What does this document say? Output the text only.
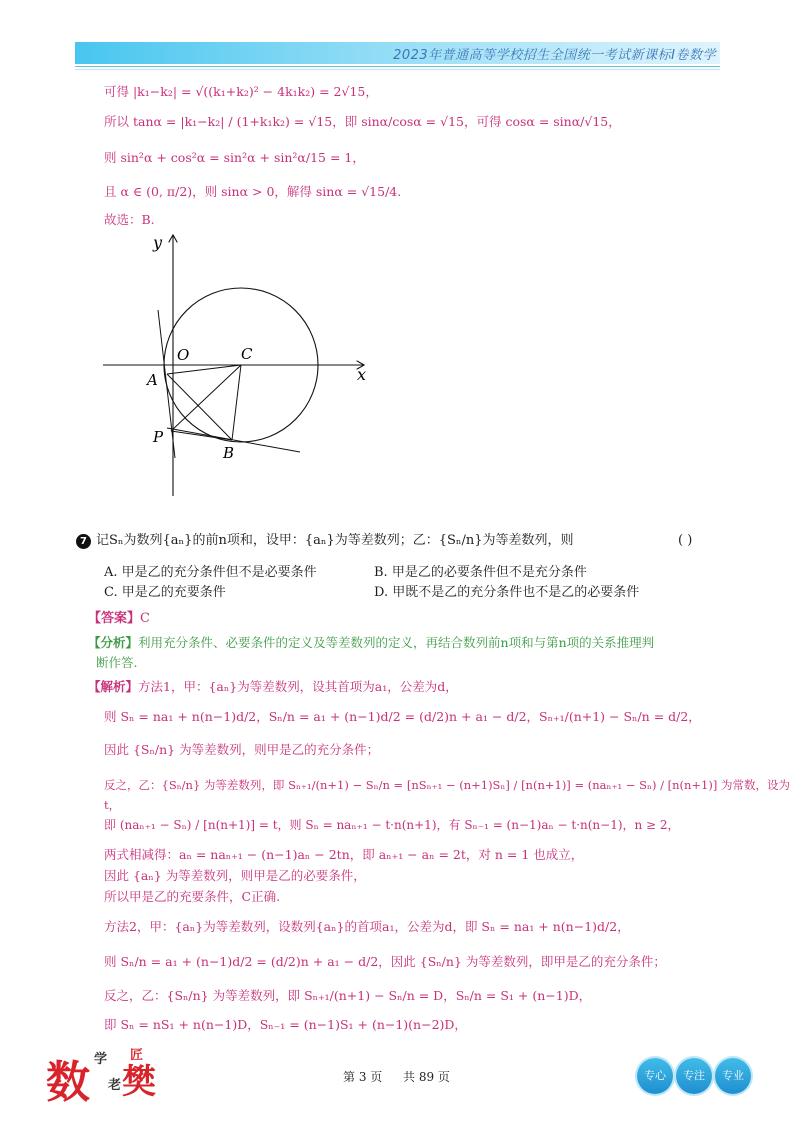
2023年普通高等学校招生全国统一考试新课标Ⅰ卷数学
可得 |k₁−k₂| = √((k₁+k₂)² − 4k₁k₂) = 2√15，
所以 tanα = |k₁−k₂| / (1+k₁k₂) = √15，即 sinα/cosα = √15，可得 cosα = sinα/√15，
则 sin²α + cos²α = sin²α + sin²α/15 = 1，
且 α ∈ (0, π/2)，则 sinα > 0，解得 sinα = √15/4.
故选：B.
y
x
O	C
A
P
B
7 记Sₙ为数列{aₙ}的前n项和，设甲：{aₙ}为等差数列；乙：{Sₙ/n}为等差数列，则	( )
A. 甲是乙的充分条件但不是必要条件	B. 甲是乙的必要条件但不是充分条件
C. 甲是乙的充要条件	D. 甲既不是乙的充分条件也不是乙的必要条件
【答案】C
【分析】利用充分条件、必要条件的定义及等差数列的定义，再结合数列前n项和与第n项的关系推理判
断作答.
【解析】方法1，甲：{aₙ}为等差数列，设其首项为a₁，公差为d，
则 Sₙ = na₁ + n(n−1)d/2，Sₙ/n = a₁ + (n−1)d/2 = (d/2)n + a₁ − d/2，Sₙ₊₁/(n+1) − Sₙ/n = d/2，
因此 {Sₙ/n} 为等差数列，则甲是乙的充分条件；
反之，乙：{Sₙ/n} 为等差数列，即 Sₙ₊₁/(n+1) − Sₙ/n = [nSₙ₊₁ − (n+1)Sₙ] / [n(n+1)] = (naₙ₊₁ − Sₙ) / [n(n+1)] 为常数，设为t，
即 (naₙ₊₁ − Sₙ) / [n(n+1)] = t，则 Sₙ = naₙ₊₁ − t·n(n+1)，有 Sₙ₋₁ = (n−1)aₙ − t·n(n−1)，n ≥ 2，
两式相减得：aₙ = naₙ₊₁ − (n−1)aₙ − 2tn，即 aₙ₊₁ − aₙ = 2t，对 n = 1 也成立，
因此 {aₙ} 为等差数列，则甲是乙的必要条件，
所以甲是乙的充要条件，C正确.
方法2，甲：{aₙ}为等差数列，设数列{aₙ}的首项a₁，公差为d，即 Sₙ = na₁ + n(n−1)d/2，
则 Sₙ/n = a₁ + (n−1)d/2 = (d/2)n + a₁ − d/2，因此 {Sₙ/n} 为等差数列，即甲是乙的充分条件；
反之，乙：{Sₙ/n} 为等差数列，即 Sₙ₊₁/(n+1) − Sₙ/n = D，Sₙ/n = S₁ + (n−1)D，
即 Sₙ = nS₁ + n(n−1)D，Sₙ₋₁ = (n−1)S₁ + (n−1)(n−2)D，
数 学
老
匠
樊	第 3 页 共 89 页	专心	专注	专业
